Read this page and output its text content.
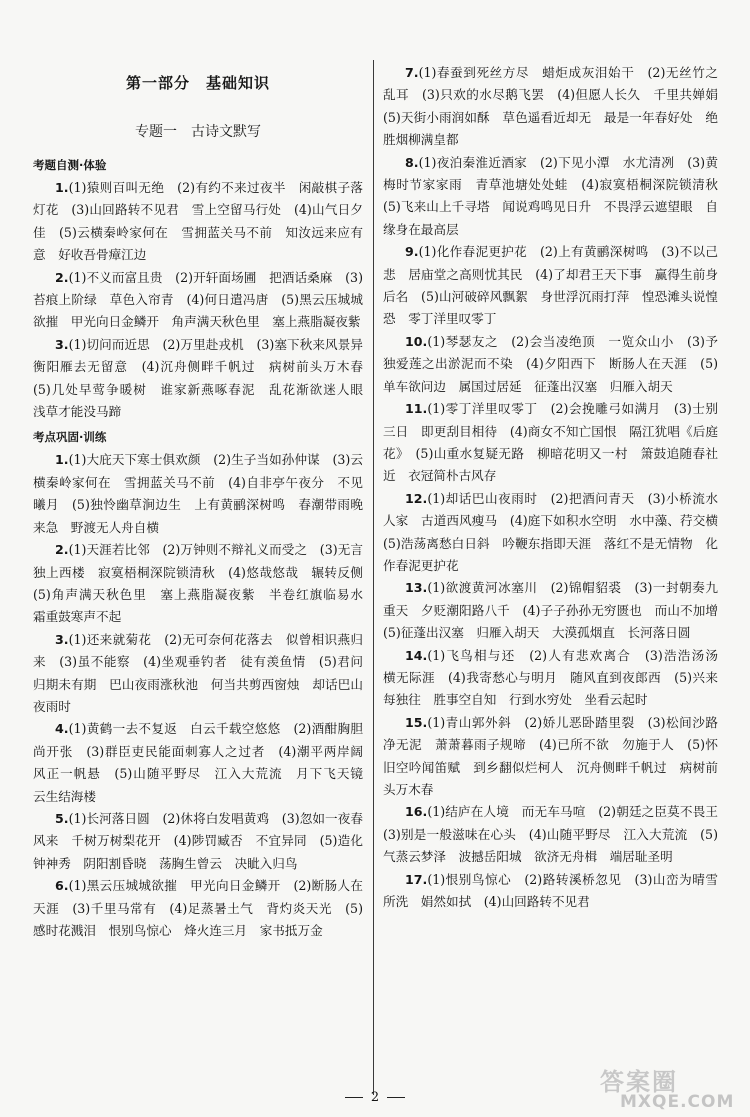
第一部分　基础知识
专题一　古诗文默写
考题自测·体验

1.(1)猿则百叫无绝　(2)有约不来过夜半　闲敲棋子落灯花　(3)山回路转不见君　雪上空留马行处　(4)山气日夕佳　(5)云横秦岭家何在　雪拥蓝关马不前　知汝远来应有意　好收吾骨瘴江边

2.(1)不义而富且贵　(2)开轩面场圃　把酒话桑麻　(3)苔痕上阶绿　草色入帘青　(4)何日遣冯唐　(5)黑云压城城欲摧　甲光向日金鳞开　角声满天秋色里　塞上燕脂凝夜紫

3.(1)切问而近思　(2)万里赴戎机　(3)塞下秋来风景异　衡阳雁去无留意　(4)沉舟侧畔千帆过　病树前头万木春　(5)几处早莺争暖树　谁家新燕啄春泥　乱花渐欲迷人眼　浅草才能没马蹄

考点巩固·训练

1.(1)大庇天下寒士俱欢颜　(2)生子当如孙仲谋　(3)云横秦岭家何在　雪拥蓝关马不前　(4)自非亭午夜分　不见曦月　(5)独怜幽草涧边生　上有黄鹂深树鸣　春潮带雨晚来急　野渡无人舟自横

2.(1)天涯若比邻　(2)万钟则不辩礼义而受之　(3)无言独上西楼　寂寞梧桐深院锁清秋　(4)悠哉悠哉　辗转反侧　(5)角声满天秋色里　塞上燕脂凝夜紫　半卷红旗临易水　霜重鼓寒声不起

3.(1)还来就菊花　(2)无可奈何花落去　似曾相识燕归来　(3)虽不能察　(4)坐观垂钓者　徒有羡鱼情　(5)君问归期未有期　巴山夜雨涨秋池　何当共剪西窗烛　却话巴山夜雨时

4.(1)黄鹤一去不复返　白云千载空悠悠　(2)酒酣胸胆尚开张　(3)群臣吏民能面刺寡人之过者　(4)潮平两岸阔　风正一帆悬　(5)山随平野尽　江入大荒流　月下飞天镜　云生结海楼

5.(1)长河落日圆　(2)休将白发唱黄鸡　(3)忽如一夜春风来　千树万树梨花开　(4)陟罚臧否　不宜异同　(5)造化钟神秀　阴阳割昏晓　荡胸生曾云　决眦入归鸟

6.(1)黑云压城城欲摧　甲光向日金鳞开　(2)断肠人在天涯　(3)千里马常有　(4)足蒸暑土气　背灼炎天光　(5)感时花溅泪　恨别鸟惊心　烽火连三月　家书抵万金

7.(1)春蚕到死丝方尽　蜡炬成灰泪始干　(2)无丝竹之乱耳　(3)只欢的水尽鹅飞罢　(4)但愿人长久　千里共婵娟　(5)天街小雨润如酥　草色遥看近却无　最是一年春好处　绝胜烟柳满皇都

8.(1)夜泊秦淮近酒家　(2)下见小潭　水尤清冽　(3)黄梅时节家家雨　青草池塘处处蛙　(4)寂寞梧桐深院锁清秋　(5)飞来山上千寻塔　闻说鸡鸣见日升　不畏浮云遮望眼　自缘身在最高层

9.(1)化作春泥更护花　(2)上有黄鹂深树鸣　(3)不以己悲　居庙堂之高则忧其民　(4)了却君王天下事　赢得生前身后名　(5)山河破碎风飘絮　身世浮沉雨打萍　惶恐滩头说惶恐　零丁洋里叹零丁

10.(1)琴瑟友之　(2)会当凌绝顶　一览众山小　(3)予独爱莲之出淤泥而不染　(4)夕阳西下　断肠人在天涯　(5)单车欲问边　属国过居延　征蓬出汉塞　归雁入胡天

11.(1)零丁洋里叹零丁　(2)会挽雕弓如满月　(3)士别三日　即更刮目相待　(4)商女不知亡国恨　隔江犹唱《后庭花》　(5)山重水复疑无路　柳暗花明又一村　箫鼓追随春社近　衣冠简朴古风存

12.(1)却话巴山夜雨时　(2)把酒问青天　(3)小桥流水人家　古道西风瘦马　(4)庭下如积水空明　水中藻、荇交横　(5)浩荡离愁白日斜　吟鞭东指即天涯　落红不是无情物　化作春泥更护花

13.(1)欲渡黄河冰塞川　(2)锦帽貂裘　(3)一封朝奏九重天　夕贬潮阳路八千　(4)子子孙孙无穷匮也　而山不加增　(5)征蓬出汉塞　归雁入胡天　大漠孤烟直　长河落日圆

14.(1)飞鸟相与还　(2)人有悲欢离合　(3)浩浩汤汤　横无际涯　(4)我寄愁心与明月　随风直到夜郎西　(5)兴来每独往　胜事空自知　行到水穷处　坐看云起时

15.(1)青山郭外斜　(2)娇儿恶卧踏里裂　(3)松间沙路净无泥　萧萧暮雨子规啼　(4)已所不欲　勿施于人　(5)怀旧空吟闻笛赋　到乡翻似烂柯人　沉舟侧畔千帆过　病树前头万木春

16.(1)结庐在人境　而无车马喧　(2)朝廷之臣莫不畏王　(3)别是一般滋味在心头　(4)山随平野尽　江入大荒流　(5)气蒸云梦泽　波撼岳阳城　欲济无舟楫　端居耻圣明

17.(1)恨别鸟惊心　(2)路转溪桥忽见　(3)山峦为晴雪所洗　娟然如拭　(4)山回路转不见君

2
答案圈
MXQE.COM
